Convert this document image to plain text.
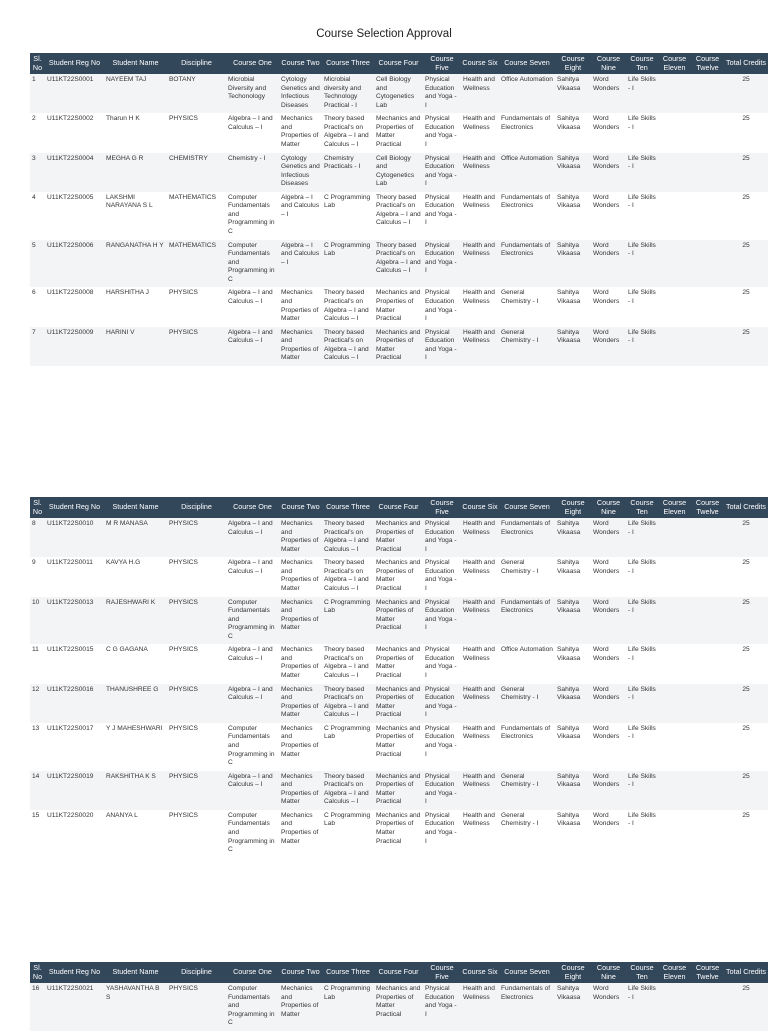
Course Selection Approval
Sl. No	Student Reg No	Student Name	Discipline	Course One	Course Two	Course Three	Course Four	Course Five	Course Six	Course Seven	Course Eight	Course Nine	Course Ten	Course Eleven	Course Twelve	Total Credits
1	U11KT22S0001	NAYEEM TAJ	BOTANY	Microbial Diversity and Techonology	Cytology Genetics and Infectious Diseases	Microbial diversity and Technology Practical - I	Cell Biology and Cytogenetics Lab	Physical Education and Yoga - I	Health and Wellness	Office Automation	Sahitya Vikaasa	Word Wonders	Life Skills - I			25
2	U11KT22S0002	Tharun H K	PHYSICS	Algebra – I and Calculus – I	Mechanics and Properties of Matter	Theory based Practical's on Algebra – I and Calculus – I	Mechanics and Properties of Matter Practical	Physical Education and Yoga - I	Health and Wellness	Fundamentals of Electronics	Sahitya Vikaasa	Word Wonders	Life Skills - I			25
3	U11KT22S0004	MEGHA G R	CHEMISTRY	Chemistry - I	Cytology Genetics and Infectious Diseases	Chemistry Practicals - I	Cell Biology and Cytogenetics Lab	Physical Education and Yoga - I	Health and Wellness	Office Automation	Sahitya Vikaasa	Word Wonders	Life Skills - I			25
4	U11KT22S0005	LAKSHMI NARAYANA S L	MATHEMATICS	Computer Fundamentals and Programming in C	Algebra – I and Calculus – I	C Programming Lab	Theory based Practical's on Algebra – I and Calculus – I	Physical Education and Yoga - I	Health and Wellness	Fundamentals of Electronics	Sahitya Vikaasa	Word Wonders	Life Skills - I			25
5	U11KT22S0006	RANGANATHA H Y	MATHEMATICS	Computer Fundamentals and Programming in C	Algebra – I and Calculus – I	C Programming Lab	Theory based Practical's on Algebra – I and Calculus – I	Physical Education and Yoga - I	Health and Wellness	Fundamentals of Electronics	Sahitya Vikaasa	Word Wonders	Life Skills - I			25
6	U11KT22S0008	HARSHITHA J	PHYSICS	Algebra – I and Calculus – I	Mechanics and Properties of Matter	Theory based Practical's on Algebra – I and Calculus – I	Mechanics and Properties of Matter Practical	Physical Education and Yoga - I	Health and Wellness	General Chemistry - I	Sahitya Vikaasa	Word Wonders	Life Skills - I			25
7	U11KT22S0009	HARINI V	PHYSICS	Algebra – I and Calculus – I	Mechanics and Properties of Matter	Theory based Practical's on Algebra – I and Calculus – I	Mechanics and Properties of Matter Practical	Physical Education and Yoga - I	Health and Wellness	General Chemistry - I	Sahitya Vikaasa	Word Wonders	Life Skills - I			25
Sl. No	Student Reg No	Student Name	Discipline	Course One	Course Two	Course Three	Course Four	Course Five	Course Six	Course Seven	Course Eight	Course Nine	Course Ten	Course Eleven	Course Twelve	Total Credits
8	U11KT22S0010	M R MANASA	PHYSICS	Algebra – I and Calculus – I	Mechanics and Properties of Matter	Theory based Practical's on Algebra – I and Calculus – I	Mechanics and Properties of Matter Practical	Physical Education and Yoga - I	Health and Wellness	Fundamentals of Electronics	Sahitya Vikaasa	Word Wonders	Life Skills - I			25
9	U11KT22S0011	KAVYA H.G	PHYSICS	Algebra – I and Calculus – I	Mechanics and Properties of Matter	Theory based Practical's on Algebra – I and Calculus – I	Mechanics and Properties of Matter Practical	Physical Education and Yoga - I	Health and Wellness	General Chemistry - I	Sahitya Vikaasa	Word Wonders	Life Skills - I			25
10	U11KT22S0013	RAJESHWARI K	PHYSICS	Computer Fundamentals and Programming in C	Mechanics and Properties of Matter	C Programming Lab	Mechanics and Properties of Matter Practical	Physical Education and Yoga - I	Health and Wellness	Fundamentals of Electronics	Sahitya Vikaasa	Word Wonders	Life Skills - I			25
11	U11KT22S0015	C G GAGANA	PHYSICS	Algebra – I and Calculus – I	Mechanics and Properties of Matter	Theory based Practical's on Algebra – I and Calculus – I	Mechanics and Properties of Matter Practical	Physical Education and Yoga - I	Health and Wellness	Office Automation	Sahitya Vikaasa	Word Wonders	Life Skills - I			25
12	U11KT22S0016	THANUSHREE G	PHYSICS	Algebra – I and Calculus – I	Mechanics and Properties of Matter	Theory based Practical's on Algebra – I and Calculus – I	Mechanics and Properties of Matter Practical	Physical Education and Yoga - I	Health and Wellness	General Chemistry - I	Sahitya Vikaasa	Word Wonders	Life Skills - I			25
13	U11KT22S0017	Y J MAHESHWARI	PHYSICS	Computer Fundamentals and Programming in C	Mechanics and Properties of Matter	C Programming Lab	Mechanics and Properties of Matter Practical	Physical Education and Yoga - I	Health and Wellness	Fundamentals of Electronics	Sahitya Vikaasa	Word Wonders	Life Skills - I			25
14	U11KT22S0019	RAKSHITHA K S	PHYSICS	Algebra – I and Calculus – I	Mechanics and Properties of Matter	Theory based Practical's on Algebra – I and Calculus – I	Mechanics and Properties of Matter Practical	Physical Education and Yoga - I	Health and Wellness	General Chemistry - I	Sahitya Vikaasa	Word Wonders	Life Skills - I			25
15	U11KT22S0020	ANANYA L	PHYSICS	Computer Fundamentals and Programming in C	Mechanics and Properties of Matter	C Programming Lab	Mechanics and Properties of Matter Practical	Physical Education and Yoga - I	Health and Wellness	General Chemistry - I	Sahitya Vikaasa	Word Wonders	Life Skills - I			25
Sl. No	Student Reg No	Student Name	Discipline	Course One	Course Two	Course Three	Course Four	Course Five	Course Six	Course Seven	Course Eight	Course Nine	Course Ten	Course Eleven	Course Twelve	Total Credits
16	U11KT22S0021	YASHAVANTHA B S	PHYSICS	Computer Fundamentals and Programming in C	Mechanics and Properties of Matter	C Programming Lab	Mechanics and Properties of Matter Practical	Physical Education and Yoga - I	Health and Wellness	Fundamentals of Electronics	Sahitya Vikaasa	Word Wonders	Life Skills - I			25
